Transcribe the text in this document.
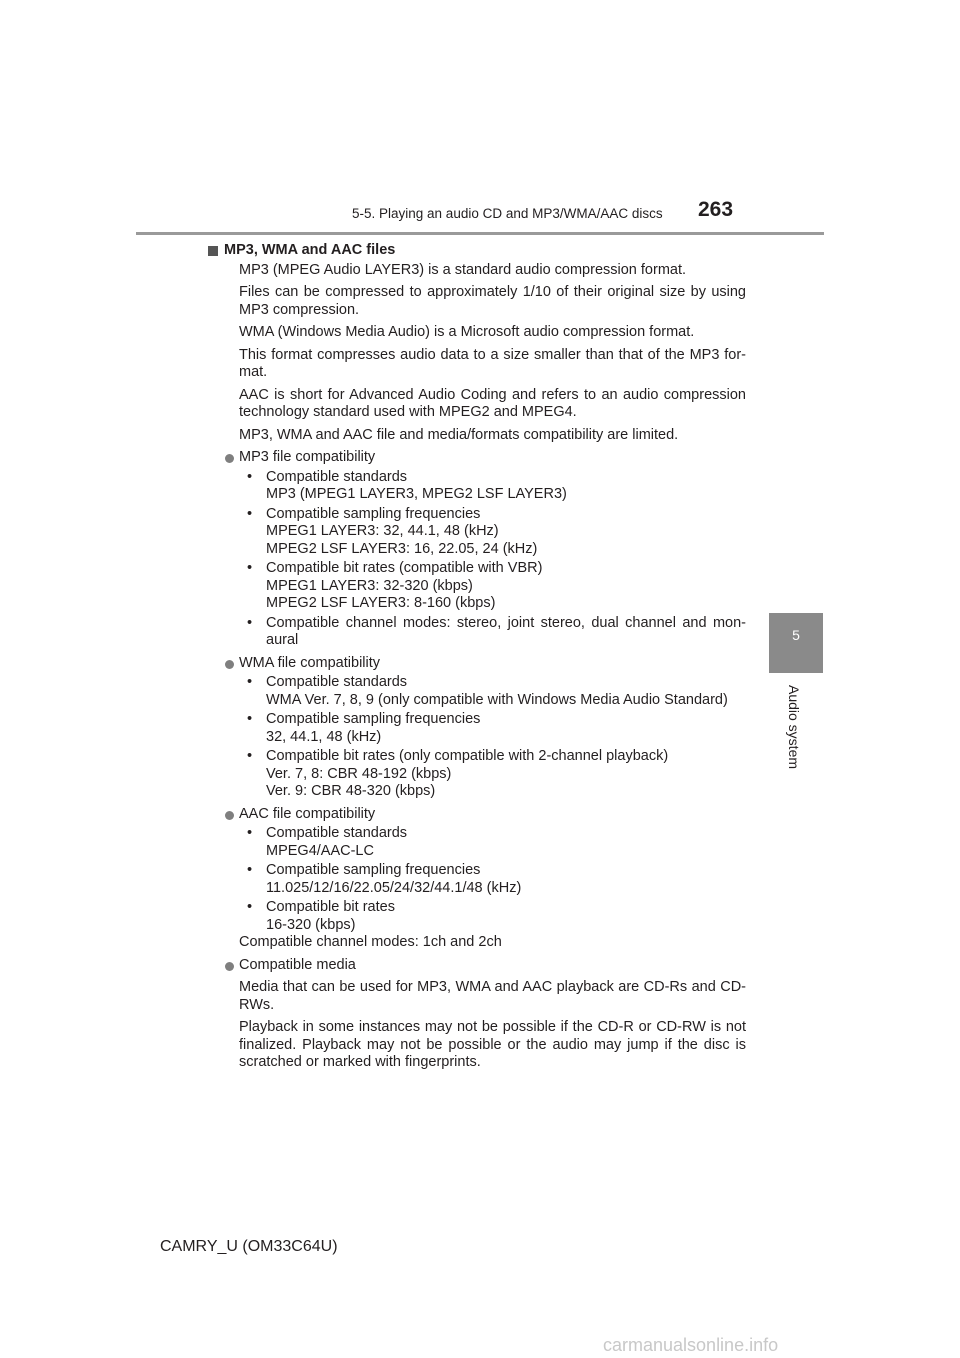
5-5. Playing an audio CD and MP3/WMA/AAC discs 263
5
Audio system
MP3, WMA and AAC files

MP3 (MPEG Audio LAYER3) is a standard audio compression format.

Files can be compressed to approximately 1/10 of their original size by using MP3 compression.

WMA (Windows Media Audio) is a Microsoft audio compression format.

This format compresses audio data to a size smaller than that of the MP3 for-mat.

AAC is short for Advanced Audio Coding and refers to an audio compression technology standard used with MPEG2 and MPEG4.

MP3, WMA and AAC file and media/formats compatibility are limited.

MP3 file compatibility
• Compatible standards
MP3 (MPEG1 LAYER3, MPEG2 LSF LAYER3)
• Compatible sampling frequencies
MPEG1 LAYER3: 32, 44.1, 48 (kHz)
MPEG2 LSF LAYER3: 16, 22.05, 24 (kHz)
• Compatible bit rates (compatible with VBR)
MPEG1 LAYER3: 32-320 (kbps)
MPEG2 LSF LAYER3: 8-160 (kbps)
• Compatible channel modes: stereo, joint stereo, dual channel and mon-aural
WMA file compatibility
• Compatible standards
WMA Ver. 7, 8, 9 (only compatible with Windows Media Audio Standard)
• Compatible sampling frequencies
32, 44.1, 48 (kHz)
• Compatible bit rates (only compatible with 2-channel playback)
Ver. 7, 8: CBR 48-192 (kbps)
Ver. 9: CBR 48-320 (kbps)
AAC file compatibility
• Compatible standards
MPEG4/AAC-LC
• Compatible sampling frequencies
11.025/12/16/22.05/24/32/44.1/48 (kHz)
• Compatible bit rates
16-320 (kbps)
Compatible channel modes: 1ch and 2ch
Compatible media

Media that can be used for MP3, WMA and AAC playback are CD-Rs and CD-RWs.

Playback in some instances may not be possible if the CD-R or CD-RW is not finalized. Playback may not be possible or the audio may jump if the disc is scratched or marked with fingerprints.

CAMRY_U (OM33C64U)
carmanualsonline.info
